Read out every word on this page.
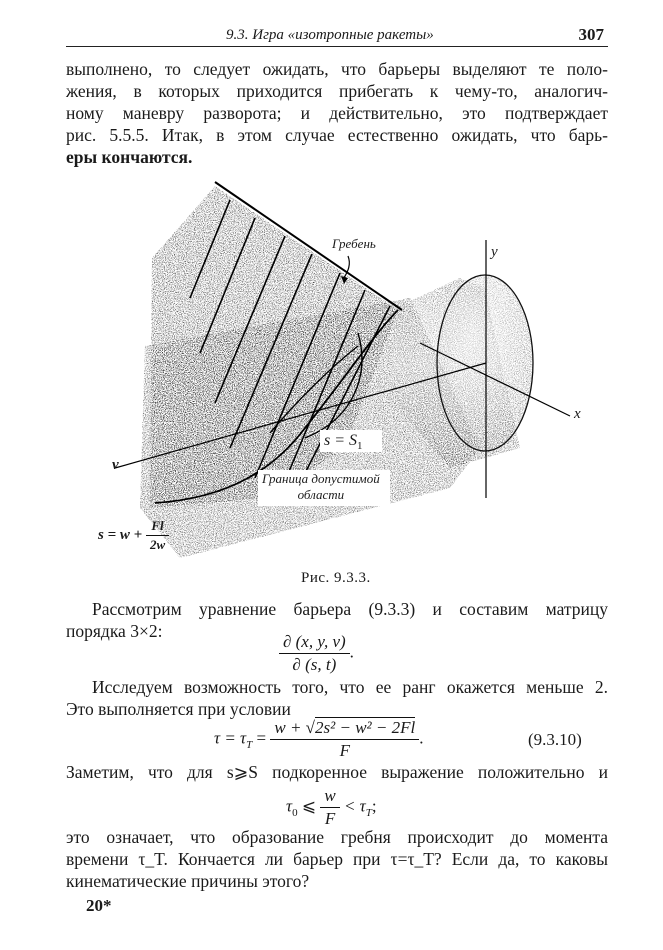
9.3. Игра «изотропные ракеты»	307
выполнено, то следует ожидать, что барьеры выделяют те поло-
жения, в которых приходится прибегать к чему-то, аналогич-
ному маневру разворота; и действительно, это подтверждает
рис. 5.5.5. Итак, в этом случае естественно ожидать, что барь-
еры кончаются.
Гребень
y
x
v
$s = S_1$
Граница допустимой
области
$s = w + \frac{Fl}{2w}$
Рис. 9.3.3.
Рассмотрим уравнение барьера (9.3.3) и составим матрицу
порядка 3×2:
$\frac{\partial (x, y, v)}{\partial (s, t)}$ .
Исследуем возможность того, что ее ранг окажется меньше 2.
Это выполняется при условии
$\tau = \tau_T = \frac{\text{w + √2s² − w² − 2Fl}}{F}$ .	(9.3.10)
Заметим, что для s⩾S подкоренное выражение положительно и
$\tau_0$ ⩽ $\frac{w}{F} < \tau_T$;
это означает, что образование гребня происходит до момента
времени τ_T. Кончается ли барьер при τ=τ_T? Если да, то каковы
кинематические причины этого?
20*
